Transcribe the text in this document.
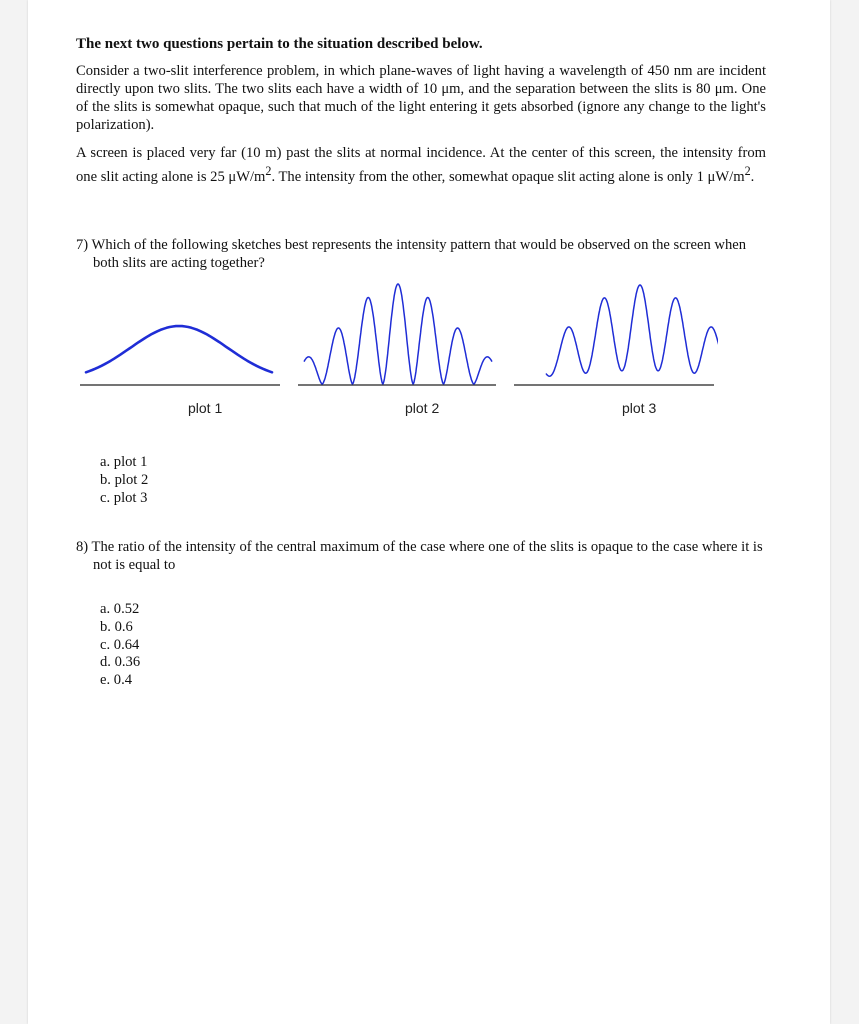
The next two questions pertain to the situation described below.

Consider a two-slit interference problem, in which plane-waves of light having a wavelength of 450 nm are incident directly upon two slits. The two slits each have a width of 10 μm, and the separation between the slits is 80 μm. One of the slits is somewhat opaque, such that much of the light entering it gets absorbed (ignore any change to the light's polarization).

A screen is placed very far (10 m) past the slits at normal incidence. At the center of this screen, the intensity from one slit acting alone is 25 $\mu W/m^2$. The intensity from the other, somewhat opaque slit acting alone is only 1 $\mu W/m^2$.

7) Which of the following sketches best represents the intensity pattern that would be observed on the screen when both slits are acting together?
plot 1	plot 2	plot 3
a. plot 1
b. plot 2
c. plot 3
8) The ratio of the intensity of the central maximum of the case where one of the slits is opaque to the case where it is not is equal to
a. 0.52
b. 0.6
c. 0.64
d. 0.36
e. 0.4
